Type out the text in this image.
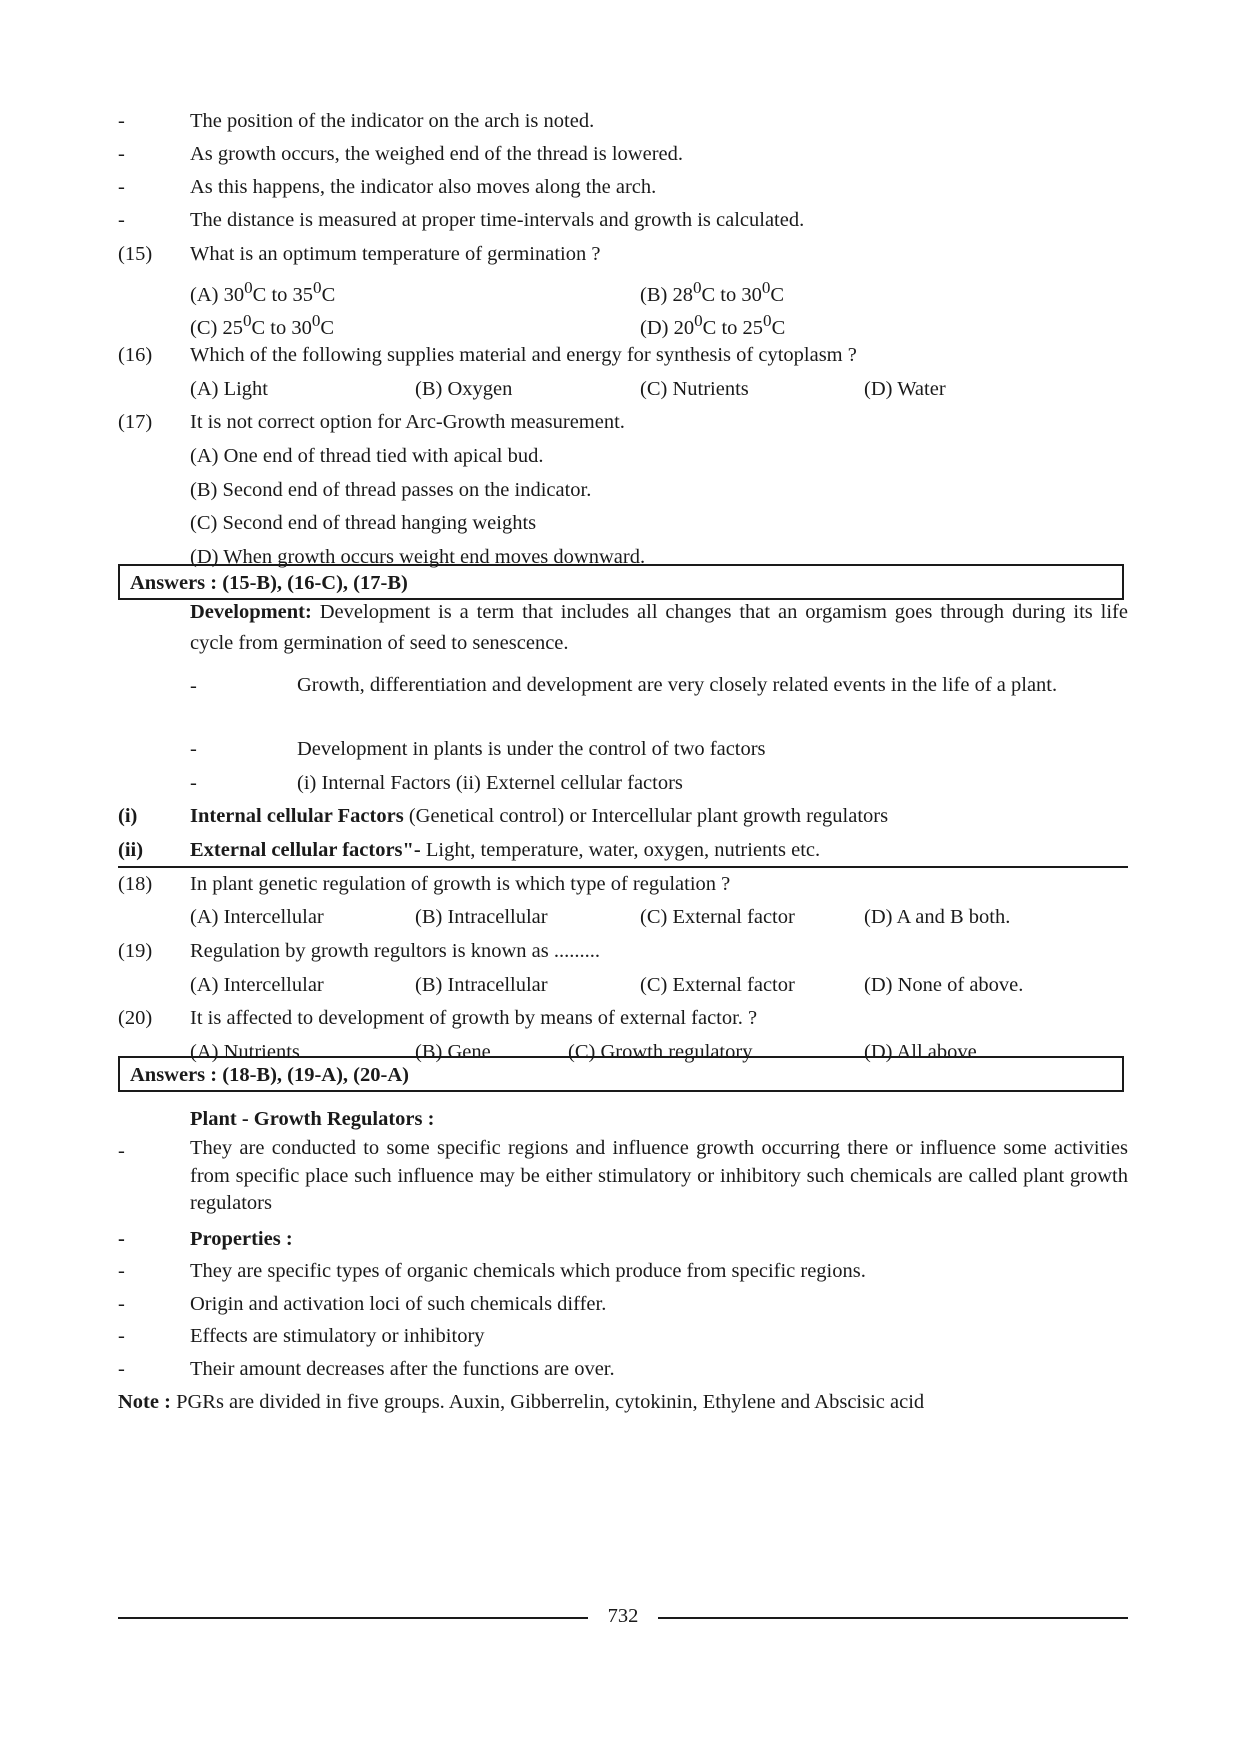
-	The position of the indicator on the arch is noted.
-	As growth occurs, the weighed end of the thread is lowered.
-	As this happens, the indicator also moves along the arch.
-	The distance is measured at proper time-intervals and growth is calculated.
(15) What is an optimum temperature of germination ?
(A) $30^0C$ to $35^0C$	(B) $28^0C$ to $30^0C$
(C) $25^0C$ to $30^0C$	(D) $20^0C$ to $25^0C$
(16) Which of the following supplies material and energy for synthesis of cytoplasm ?
(A) Light	(B) Oxygen	(C) Nutrients	(D) Water
(17) It is not correct option for Arc-Growth measurement.
(A) One end of thread tied with apical bud.
(B) Second end of thread passes on the indicator.
(C) Second end of thread hanging weights
(D) When growth occurs weight end moves downward.
Answers : (15-B), (16-C), (17-B)
Development: Development is a term that includes all changes that an orgamism goes through during its life cycle from germination of seed to senescence.
-	Growth, differentiation and development are very closely related events in the life of a plant.
-	Development in plants is under the control of two factors
-	(i) Internal Factors (ii) Externel cellular factors
(i)	Internal cellular Factors (Genetical control) or Intercellular plant growth regulators
(ii) External cellular factors"- Light, temperature, water, oxygen, nutrients etc.
(18) In plant genetic regulation of growth is which type of regulation ?
(A) Intercellular	(B) Intracellular	(C) External factor	(D) A and B both.
(19) Regulation by growth regultors is known as .........
(A) Intercellular	(B) Intracellular	(C) External factor	(D) None of above.
(20) It is affected to development of growth by means of external factor. ?
(A) Nutrients	(B) Gene	(C) Growth regulatory	(D) All above
Answers : (18-B), (19-A), (20-A)
Plant - Growth Regulators :
-	They are conducted to some specific regions and influence growth occurring there or influence some activities from specific place such influence may be either stimulatory or inhibitory such chemicals are called plant growth regulators
-	Properties :
-	They are specific types of organic chemicals which produce from specific regions.
-	Origin and activation loci of such chemicals differ.
-	Effects are stimulatory or inhibitory
-	Their amount decreases after the functions are over.
Note : PGRs are divided in five groups. Auxin, Gibberrelin, cytokinin, Ethylene and Abscisic acid
732
